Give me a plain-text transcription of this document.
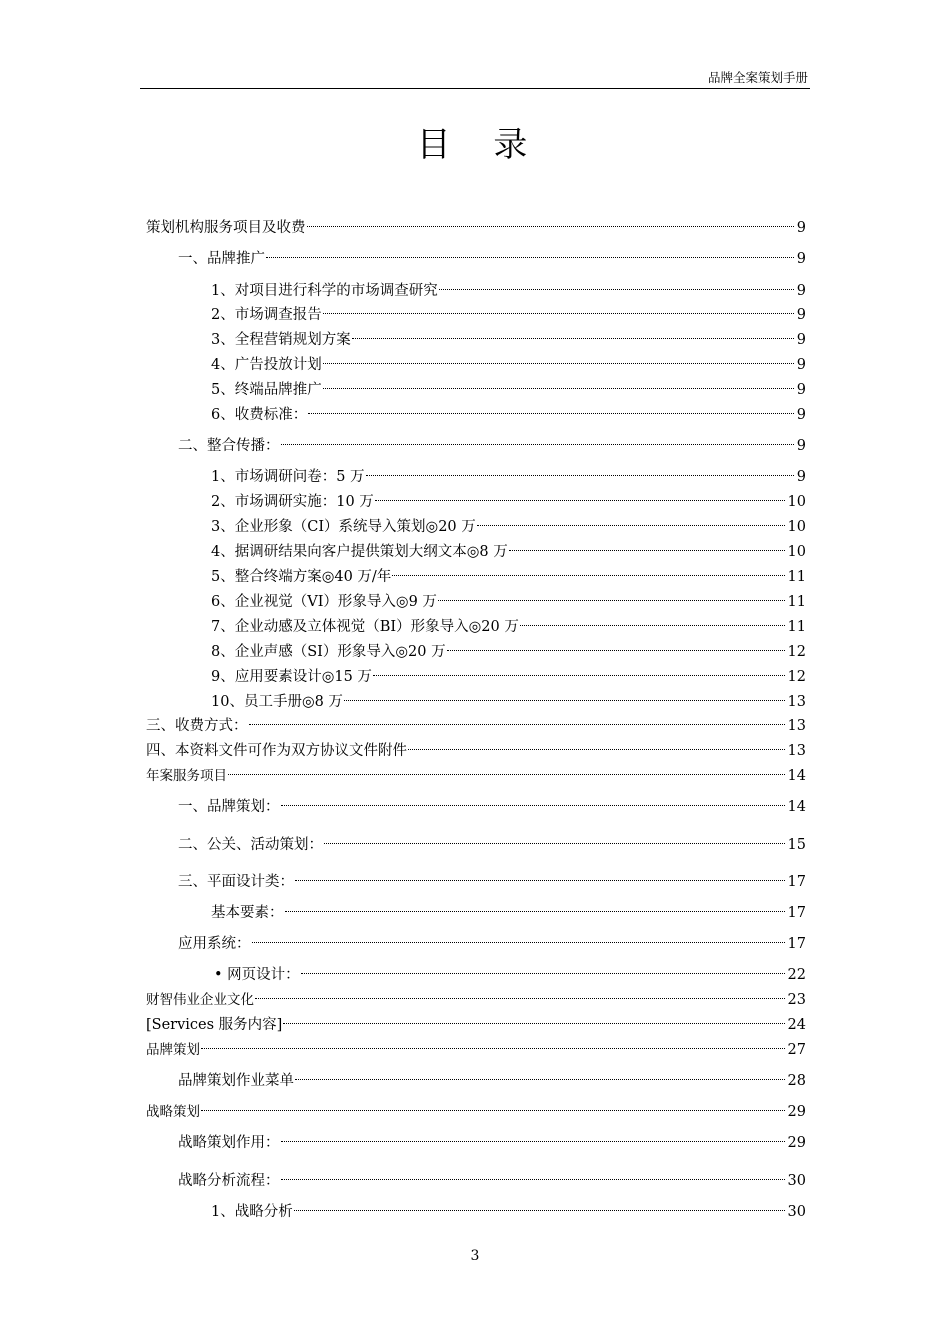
品牌全案策划手册
目 录
策划机构服务项目及收费	9
一、品牌推广	9
1、对项目进行科学的市场调查研究	9
2、市场调查报告	9
3、全程营销规划方案	9
4、广告投放计划	9
5、终端品牌推广	9
6、收费标准：	9
二、整合传播：	9
1、市场调研问卷：5 万	9
2、市场调研实施：10 万	10
3、企业形象（CI）系统导入策划◎20 万	10
4、据调研结果向客户提供策划大纲文本◎8 万	10
5、整合终端方案◎40 万/年	11
6、企业视觉（VI）形象导入◎9 万	11
7、企业动感及立体视觉（BI）形象导入◎20 万	11
8、企业声感（SI）形象导入◎20 万	12
9、应用要素设计◎15 万	12
10、员工手册◎8 万	13
三、收费方式：	13
四、本资料文件可作为双方协议文件附件	13
年案服务项目	14
一、品牌策划：	14
二、公关、活动策划：	15
三、平面设计类：	17
基本要素：	17
应用系统：	17
• 网页设计：	22
财智伟业企业文化	23
[Services 服务内容]	24
品牌策划	27
品牌策划作业菜单	28
战略策划	29
战略策划作用：	29
战略分析流程：	30
1、战略分析	30
3
